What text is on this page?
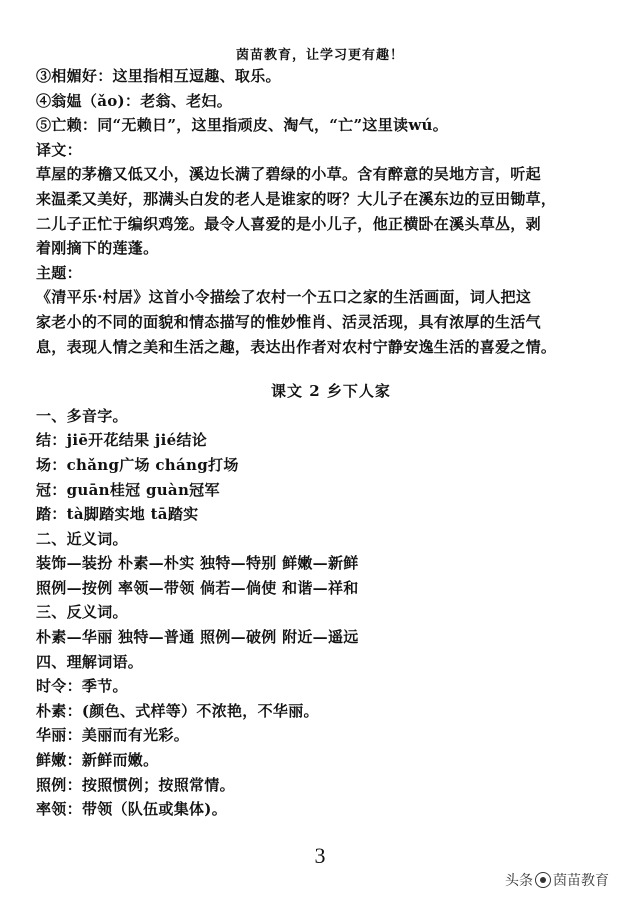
茵苗教育，让学习更有趣！
③相媚好：这里指相互逗趣、取乐。
④翁媪（ǎo)：老翁、老妇。
⑤亡赖：同“无赖日”，这里指顽皮、淘气，“亡”这里读wú。
译文：
草屋的茅檐又低又小，溪边长满了碧绿的小草。含有醉意的吴地方言，听起
来温柔又美好，那满头白发的老人是谁家的呀？大儿子在溪东边的豆田锄草，
二儿子正忙于编织鸡笼。最令人喜爱的是小儿子，他正横卧在溪头草丛，剥
着刚摘下的莲蓬。
主题：
《清平乐·村居》这首小令描绘了农村一个五口之家的生活画面，词人把这
家老小的不同的面貌和情态描写的惟妙惟肖、活灵活现，具有浓厚的生活气
息，表现人情之美和生活之趣，表达出作者对农村宁静安逸生活的喜爱之情。
课文 2 乡下人家
一、多音字。
结：jiē开花结果 jié结论
场：chǎng广场 cháng打场
冠：guān桂冠 guàn冠军
踏：tà脚踏实地 tā踏实
二、近义词。
装饰—装扮 朴素—朴实 独特—特别 鲜嫩—新鲜
照例—按例 率领—带领 倘若—倘使 和谐—祥和
三、反义词。
朴素—华丽 独特—普通 照例—破例 附近—遥远
四、理解词语。
时令：季节。
朴素：(颜色、式样等）不浓艳，不华丽。
华丽：美丽而有光彩。
鲜嫩：新鲜而嫩。
照例：按照惯例；按照常情。
率领：带领（队伍或集体)。
3
头条 茵苗教育
